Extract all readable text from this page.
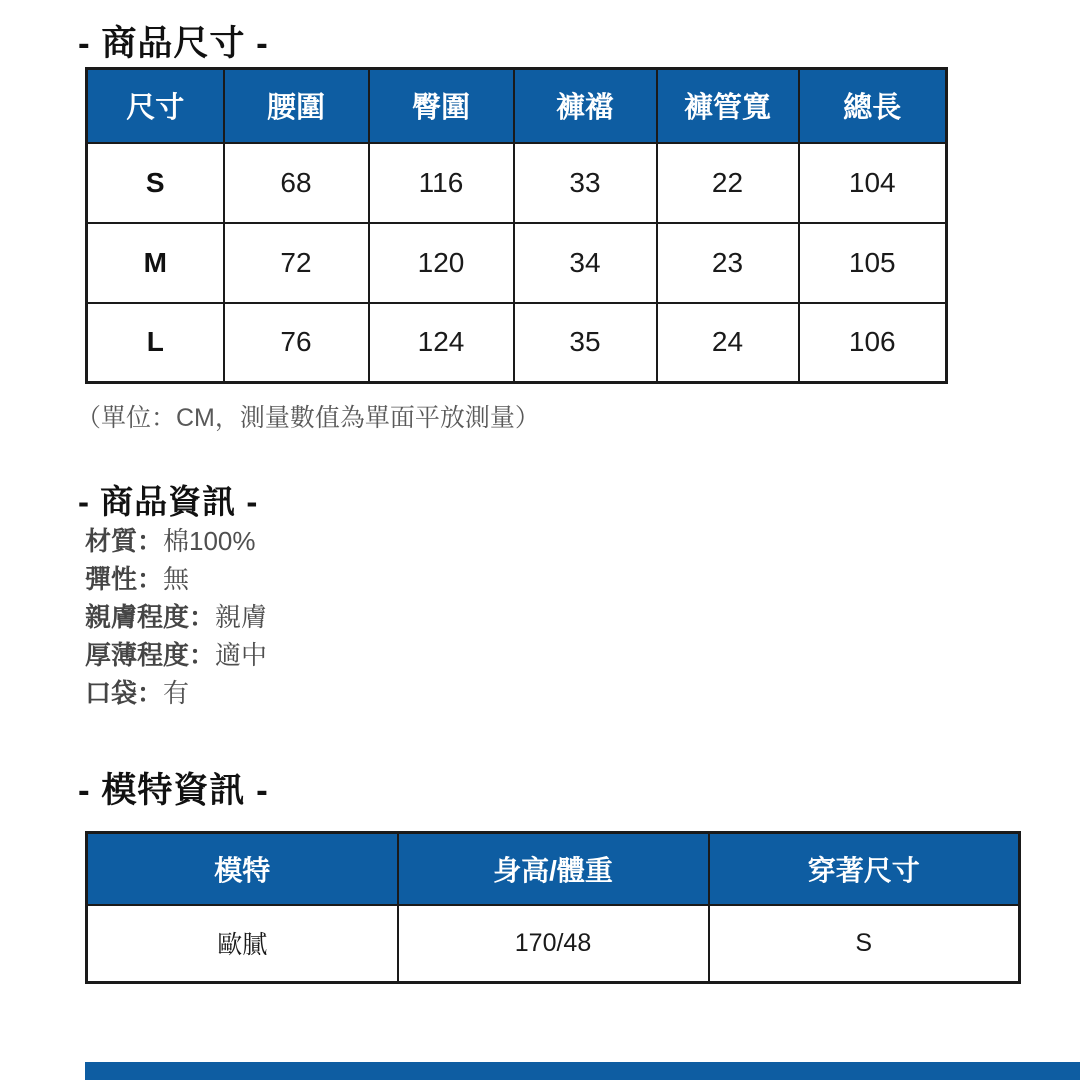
- 商品尺寸 -
尺寸	腰圍	臀圍	褲襠	褲管寬	總長
S	68	116	33	22	104
M	72	120	34	23	105
L	76	124	35	24	106
（單位：CM，測量數值為單面平放測量）
- 商品資訊 -
材質：棉100%
彈性：無
親膚程度：親膚
厚薄程度：適中
口袋：有
- 模特資訊 -
模特	身高/體重	穿著尺寸
歐膩	170/48	S
